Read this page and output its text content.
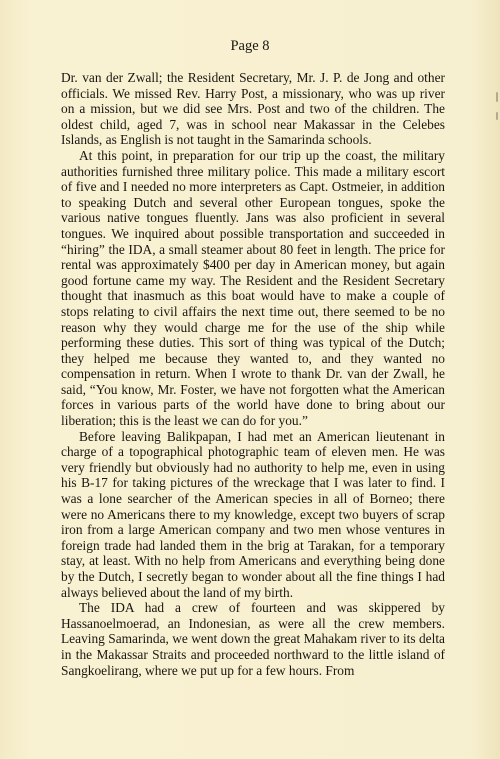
Page 8

Dr. van der Zwall; the Resident Secretary, Mr. J. P. de Jong and other officials. We missed Rev. Harry Post, a missionary, who was up river on a mission, but we did see Mrs. Post and two of the children. The oldest child, aged 7, was in school near Makassar in the Celebes Islands, as English is not taught in the Samarinda schools.

At this point, in preparation for our trip up the coast, the military authorities furnished three military police. This made a military escort of five and I needed no more interpreters as Capt. Ostmeier, in addition to speaking Dutch and several other European tongues, spoke the various native tongues fluently. Jans was also proficient in several tongues. We inquired about possible transportation and succeeded in “hiring” the IDA, a small steamer about 80 feet in length. The price for rental was approximately $400 per day in American money, but again good fortune came my way. The Resident and the Resident Secretary thought that inasmuch as this boat would have to make a couple of stops relating to civil affairs the next time out, there seemed to be no reason why they would charge me for the use of the ship while performing these duties. This sort of thing was typical of the Dutch; they helped me because they wanted to, and they wanted no compensation in return. When I wrote to thank Dr. van der Zwall, he said, “You know, Mr. Foster, we have not forgotten what the American forces in various parts of the world have done to bring about our liberation; this is the least we can do for you.”

Before leaving Balikpapan, I had met an American lieutenant in charge of a topographical photographic team of eleven men. He was very friendly but obviously had no authority to help me, even in using his B-17 for taking pictures of the wreckage that I was later to find. I was a lone searcher of the American species in all of Borneo; there were no Americans there to my knowledge, except two buyers of scrap iron from a large American company and two men whose ventures in foreign trade had landed them in the brig at Tarakan, for a temporary stay, at least. With no help from Americans and everything being done by the Dutch, I secretly began to wonder about all the fine things I had always believed about the land of my birth.

The IDA had a crew of fourteen and was skippered by Hassanoelmoerad, an Indonesian, as were all the crew members. Leaving Samarinda, we went down the great Mahakam river to its delta in the Makassar Straits and proceeded northward to the little island of Sangkoelirang, where we put up for a few hours. From
